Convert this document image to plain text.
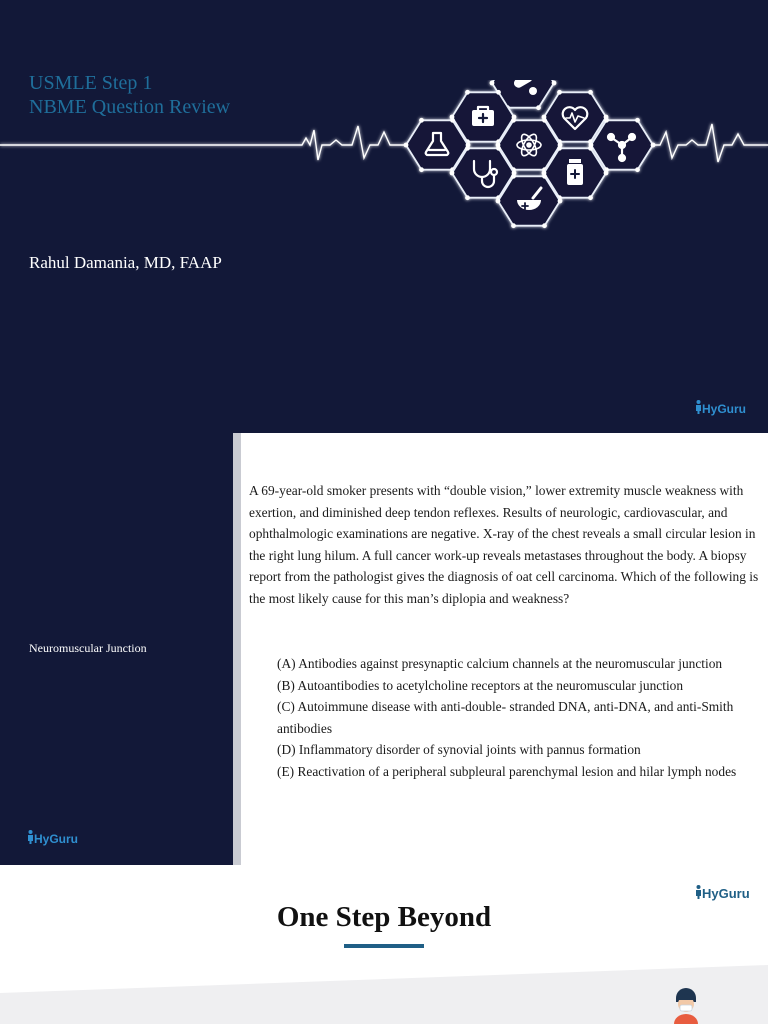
USMLE Step 1
NBME Question Review
Rahul Damania, MD, FAAP
HyGuru
Neuromuscular Junction
A 69-year-old smoker presents with “double vision,” lower extremity muscle weakness with exertion, and diminished deep tendon reflexes. Results of neurologic, cardiovascular, and ophthalmologic examinations are negative. X-ray of the chest reveals a small circular lesion in the right lung hilum. A full cancer work-up reveals metastases throughout the body. A biopsy report from the pathologist gives the diagnosis of oat cell carcinoma. Which of the following is the most likely cause for this man’s diplopia and weakness?
(A) Antibodies against presynaptic calcium channels at the neuromuscular junction
(B) Autoantibodies to acetylcholine receptors at the neuromuscular junction
(C) Autoimmune disease with anti-double- stranded DNA, anti-DNA, and anti-Smith antibodies
(D) Inflammatory disorder of synovial joints with pannus formation
(E) Reactivation of a peripheral subpleural parenchymal lesion and hilar lymph nodes
HyGuru
One Step Beyond
HyGuru
